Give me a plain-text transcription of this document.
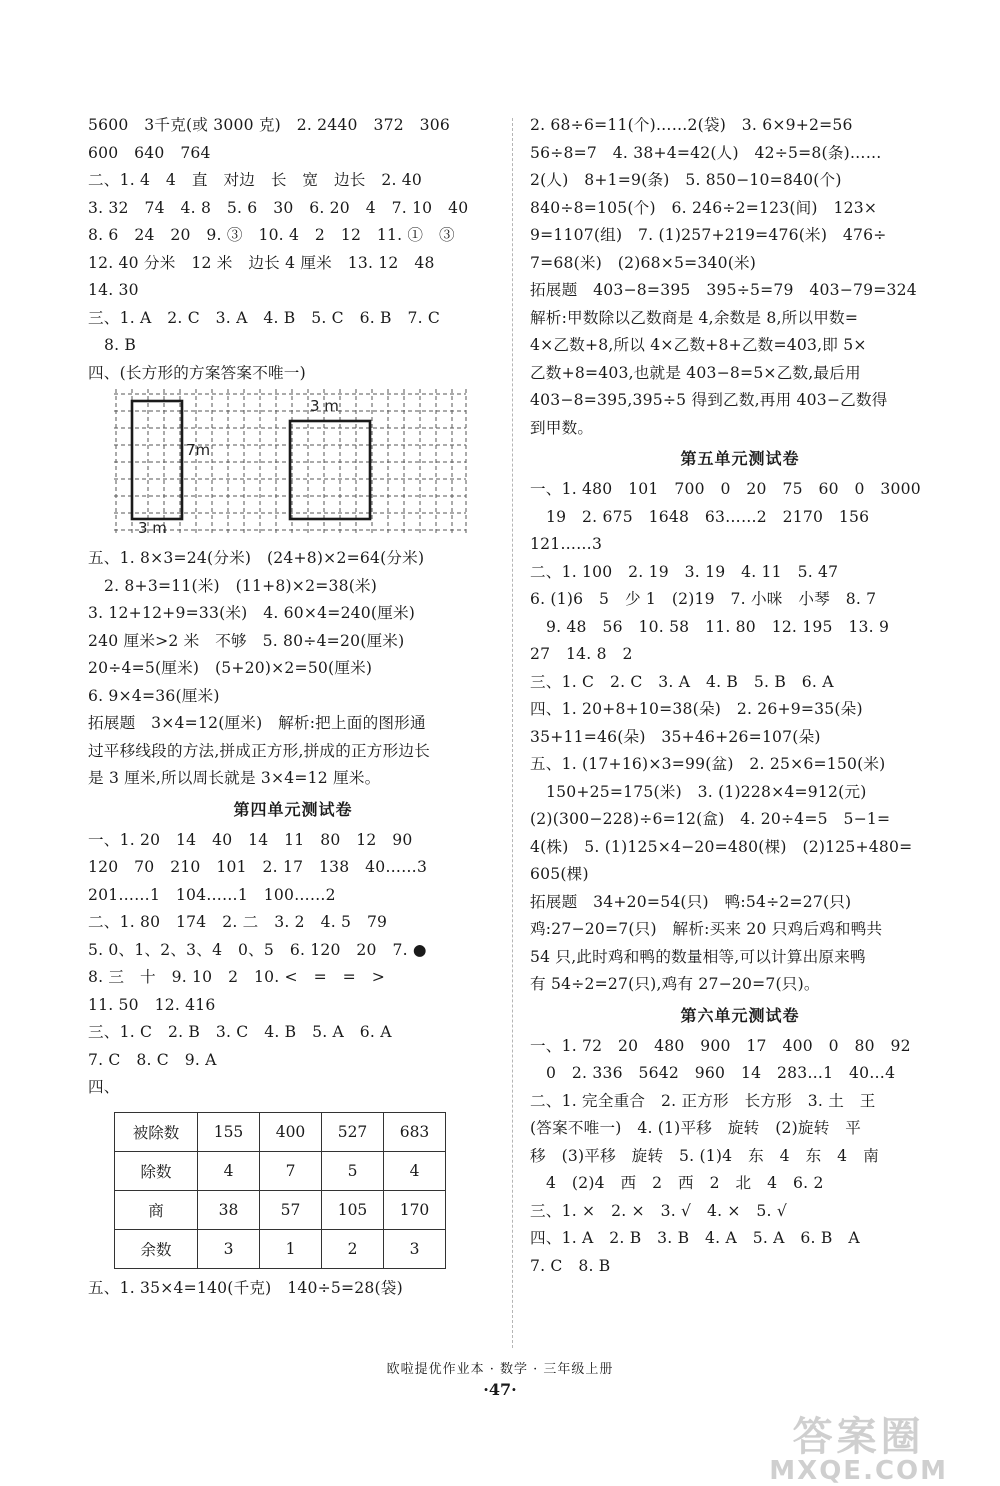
5600　3千克(或 3000 克)　2. 2440　372　306
600　640　764
二、1. 4　4　直　对边　长　宽　边长　2. 40
3. 32　74　4. 8　5. 6　30　6. 20　4　7. 10　40
8. 6　24　20　9. ③　10. 4　2　12　11. ①　③
12. 40 分米　12 米　边长 4 厘米　13. 12　48
14. 30
三、1. A　2. C　3. A　4. B　5. C　6. B　7. C
8. B
四、(长方形的方案答案不唯一)
3 m
7m
3 m
五、1. 8×3=24(分米)　(24+8)×2=64(分米)
2. 8+3=11(米)　(11+8)×2=38(米)
3. 12+12+9=33(米)　4. 60×4=240(厘米)
240 厘米>2 米　不够　5. 80÷4=20(厘米)
20÷4=5(厘米)　(5+20)×2=50(厘米)
6. 9×4=36(厘米)
拓展题　3×4=12(厘米)　解析:把上面的图形通
过平移线段的方法,拼成正方形,拼成的正方形边长
是 3 厘米,所以周长就是 3×4=12 厘米。
第四单元测试卷
一、1. 20　14　40　14　11　80　12　90
120　70　210　101　2. 17　138　40……3
201……1　104……1　100……2
二、1. 80　174　2. 二　3. 2　4. 5　79
5. 0、1、2、3、4　0、5　6. 120　20　7. ●
8. 三　十　9. 10　2　10. <　=　=　>
11. 50　12. 416
三、1. C　2. B　3. C　4. B　5. A　6. A
7. C　8. C　9. A
四、
被除数	155	400	527	683
除数	4	7	5	4
商	38	57	105	170
余数	3	1	2	3
五、1. 35×4=140(千克)　140÷5=28(袋)
2. 68÷6=11(个)……2(袋)　3. 6×9+2=56
56÷8=7　4. 38+4=42(人)　42÷5=8(条)……
2(人)　8+1=9(条)　5. 850−10=840(个)
840÷8=105(个)　6. 246÷2=123(间)　123×
9=1107(组)　7. (1)257+219=476(米)　476÷
7=68(米)　(2)68×5=340(米)
拓展题　403−8=395　395÷5=79　403−79=324
解析:甲数除以乙数商是 4,余数是 8,所以甲数=
4×乙数+8,所以 4×乙数+8+乙数=403,即 5×
乙数+8=403,也就是 403−8=5×乙数,最后用
403−8=395,395÷5 得到乙数,再用 403−乙数得
到甲数。
第五单元测试卷
一、1. 480　101　700　0　20　75　60　0　3000
19　2. 675　1648　63……2　2170　156
121……3
二、1. 100　2. 19　3. 19　4. 11　5. 47
6. (1)6　5　少 1　(2)19　7. 小咪　小琴　8. 7
9. 48　56　10. 58　11. 80　12. 195　13. 9
27　14. 8　2
三、1. C　2. C　3. A　4. B　5. B　6. A
四、1. 20+8+10=38(朵)　2. 26+9=35(朵)
35+11=46(朵)　35+46+26=107(朵)
五、1. (17+16)×3=99(盆)　2. 25×6=150(米)
150+25=175(米)　3. (1)228×4=912(元)
(2)(300−228)÷6=12(盒)　4. 20÷4=5　5−1=
4(株)　5. (1)125×4−20=480(棵)　(2)125+480=
605(棵)
拓展题　34+20=54(只)　鸭:54÷2=27(只)
鸡:27−20=7(只)　解析:买来 20 只鸡后鸡和鸭共
54 只,此时鸡和鸭的数量相等,可以计算出原来鸭
有 54÷2=27(只),鸡有 27−20=7(只)。
第六单元测试卷
一、1. 72　20　480　900　17　400　0　80　92
0　2. 336　5642　960　14　283…1　40…4
二、1. 完全重合　2. 正方形　长方形　3. 土　王
(答案不唯一)　4. (1)平移　旋转　(2)旋转　平
移　(3)平移　旋转　5. (1)4　东　4　东　4　南
4　(2)4　西　2　西　2　北　4　6. 2
三、1. ×　2. ×　3. √　4. ×　5. √
四、1. A　2. B　3. B　4. A　5. A　6. B　A
7. C　8. B
欧啦提优作业本 · 数学 · 三年级上册
·47·
答案圈
MXQE.COM
